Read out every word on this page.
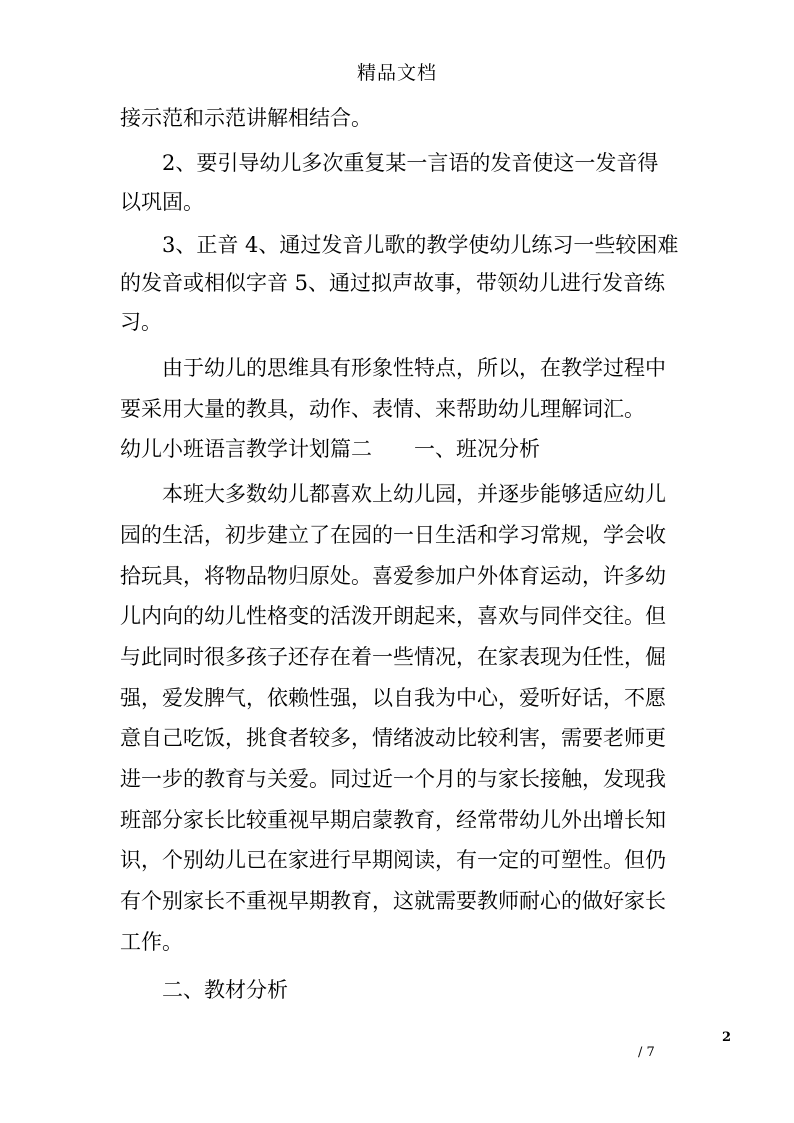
精品文档
接示范和示范讲解相结合。
2、要引导幼儿多次重复某一言语的发音使这一发音得
以巩固。
3、正音 4、通过发音儿歌的教学使幼儿练习一些较困难
的发音或相似字音 5、通过拟声故事，带领幼儿进行发音练
习。
由于幼儿的思维具有形象性特点，所以，在教学过程中
要采用大量的教具，动作、表情、来帮助幼儿理解词汇。
幼儿小班语言教学计划篇二　　一、班况分析
本班大多数幼儿都喜欢上幼儿园，并逐步能够适应幼儿
园的生活，初步建立了在园的一日生活和学习常规，学会收
拾玩具，将物品物归原处。喜爱参加户外体育运动，许多幼
儿内向的幼儿性格变的活泼开朗起来，喜欢与同伴交往。但
与此同时很多孩子还存在着一些情况，在家表现为任性，倔
强，爱发脾气，依赖性强，以自我为中心，爱听好话，不愿
意自己吃饭，挑食者较多，情绪波动比较利害，需要老师更
进一步的教育与关爱。同过近一个月的与家长接触，发现我
班部分家长比较重视早期启蒙教育，经常带幼儿外出增长知
识，个别幼儿已在家进行早期阅读，有一定的可塑性。但仍
有个别家长不重视早期教育，这就需要教师耐心的做好家长
工作。
二、教材分析
2
/ 7
